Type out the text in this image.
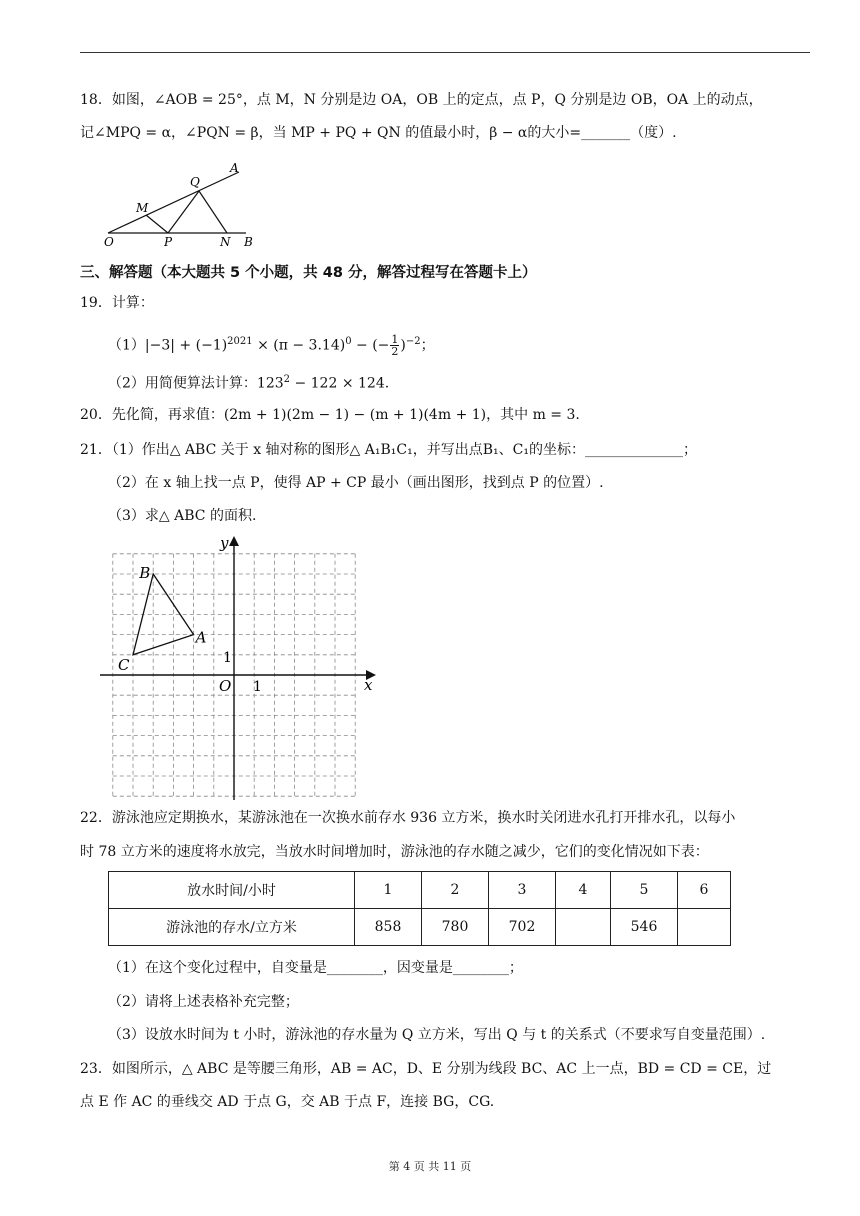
18．如图，∠AOB = 25°，点 M，N 分别是边 OA，OB 上的定点，点 P，Q 分别是边 OB，OA 上的动点，
记∠MPQ = α，∠PQN = β，当 MP + PQ + QN 的值最小时，β − α的大小=_______（度）.
O
M
P
Q
N
A
B
三、解答题（本大题共 5 个小题，共 48 分，解答过程写在答题卡上）
19．计算：
$(1)|-3| + (-1)^{2021} \times (\pi - 3.14)^0$ − (− $\frac{1}{2} )^{-2}$；
（2）用简便算法计算：$123^2 - 122 \times 124$.
20．先化简，再求值：(2m + 1)(2m − 1) − (m + 1)(4m + 1)，其中 m = 3.
21．（1）作出△ ABC 关于 x 轴对称的图形△ A₁B₁C₁，并写出点B₁、C₁的坐标：______________；
（2）在 x 轴上找一点 P，使得 AP + CP 最小（画出图形，找到点 P 的位置）.
（3）求△ ABC 的面积.
x
y
O 1
1
A
B
C
22．游泳池应定期换水，某游泳池在一次换水前存水 936 立方米，换水时关闭进水孔打开排水孔，以每小
时 78 立方米的速度将水放完，当放水时间增加时，游泳池的存水随之减少，它们的变化情况如下表：
放水时间/小时	1	2	3	4	5	6
游泳池的存水/立方米	858	780	702		546	
（1）在这个变化过程中，自变量是________，因变量是________；
（2）请将上述表格补充完整；
（3）设放水时间为 t 小时，游泳池的存水量为 Q 立方米，写出 Q 与 t 的关系式（不要求写自变量范围）.
23．如图所示，△ ABC 是等腰三角形，AB = AC，D、E 分别为线段 BC、AC 上一点，BD = CD = CE，过
点 E 作 AC 的垂线交 AD 于点 G，交 AB 于点 F，连接 BG，CG.
第 4 页 共 11 页
